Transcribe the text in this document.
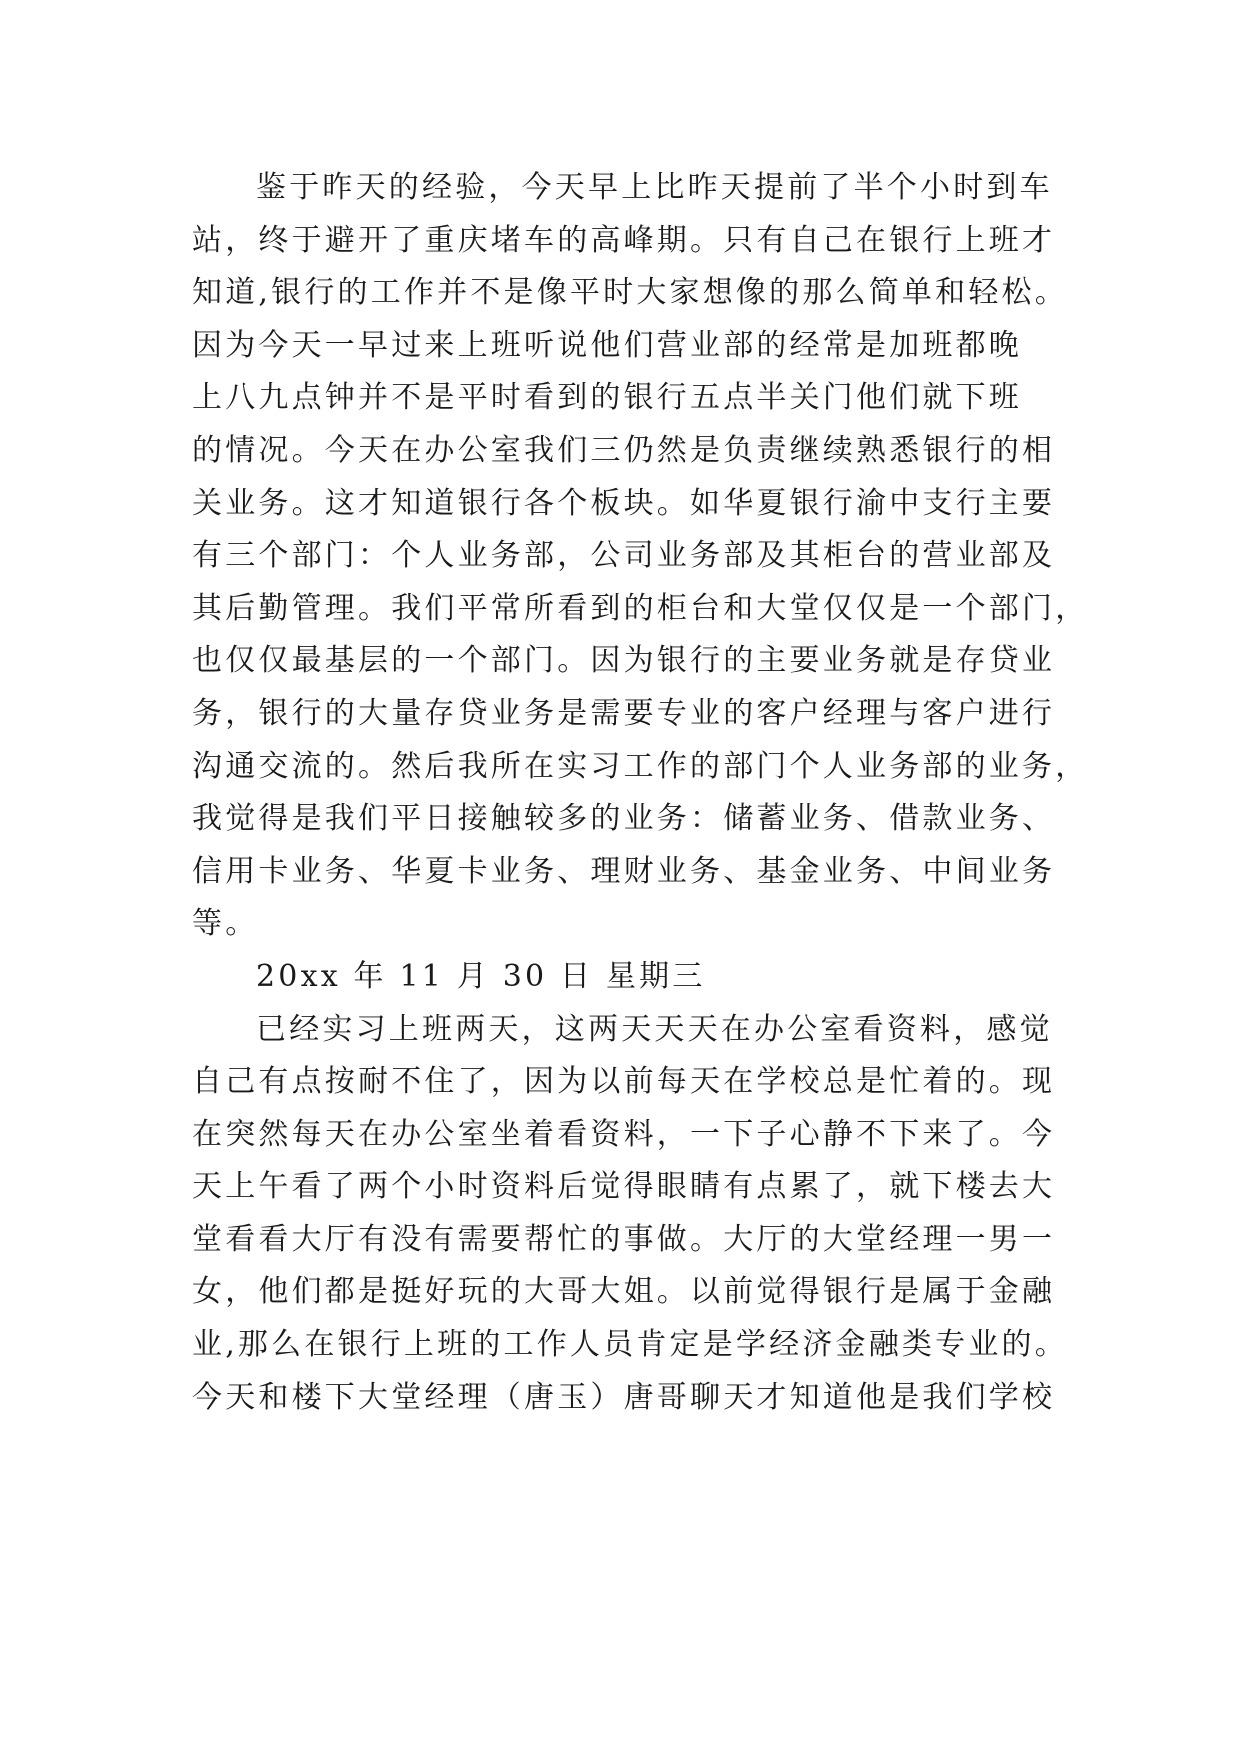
鉴于昨天的经验，今天早上比昨天提前了半个小时到车
站，终于避开了重庆堵车的高峰期。只有自己在银行上班才
知道,银行的工作并不是像平时大家想像的那么简单和轻松。
因为今天一早过来上班听说他们营业部的经常是加班都晚
上八九点钟并不是平时看到的银行五点半关门他们就下班
的情况。今天在办公室我们三仍然是负责继续熟悉银行的相
关业务。这才知道银行各个板块。如华夏银行渝中支行主要
有三个部门：个人业务部，公司业务部及其柜台的营业部及
其后勤管理。我们平常所看到的柜台和大堂仅仅是一个部门，
也仅仅最基层的一个部门。因为银行的主要业务就是存贷业
务，银行的大量存贷业务是需要专业的客户经理与客户进行
沟通交流的。然后我所在实习工作的部门个人业务部的业务，
我觉得是我们平日接触较多的业务：储蓄业务、借款业务、
信用卡业务、华夏卡业务、理财业务、基金业务、中间业务
等。
20xx 年 11 月 30 日 星期三
已经实习上班两天，这两天天天在办公室看资料，感觉
自己有点按耐不住了，因为以前每天在学校总是忙着的。现
在突然每天在办公室坐着看资料，一下子心静不下来了。今
天上午看了两个小时资料后觉得眼睛有点累了，就下楼去大
堂看看大厅有没有需要帮忙的事做。大厅的大堂经理一男一
女，他们都是挺好玩的大哥大姐。以前觉得银行是属于金融
业,那么在银行上班的工作人员肯定是学经济金融类专业的。
今天和楼下大堂经理（唐玉）唐哥聊天才知道他是我们学校
